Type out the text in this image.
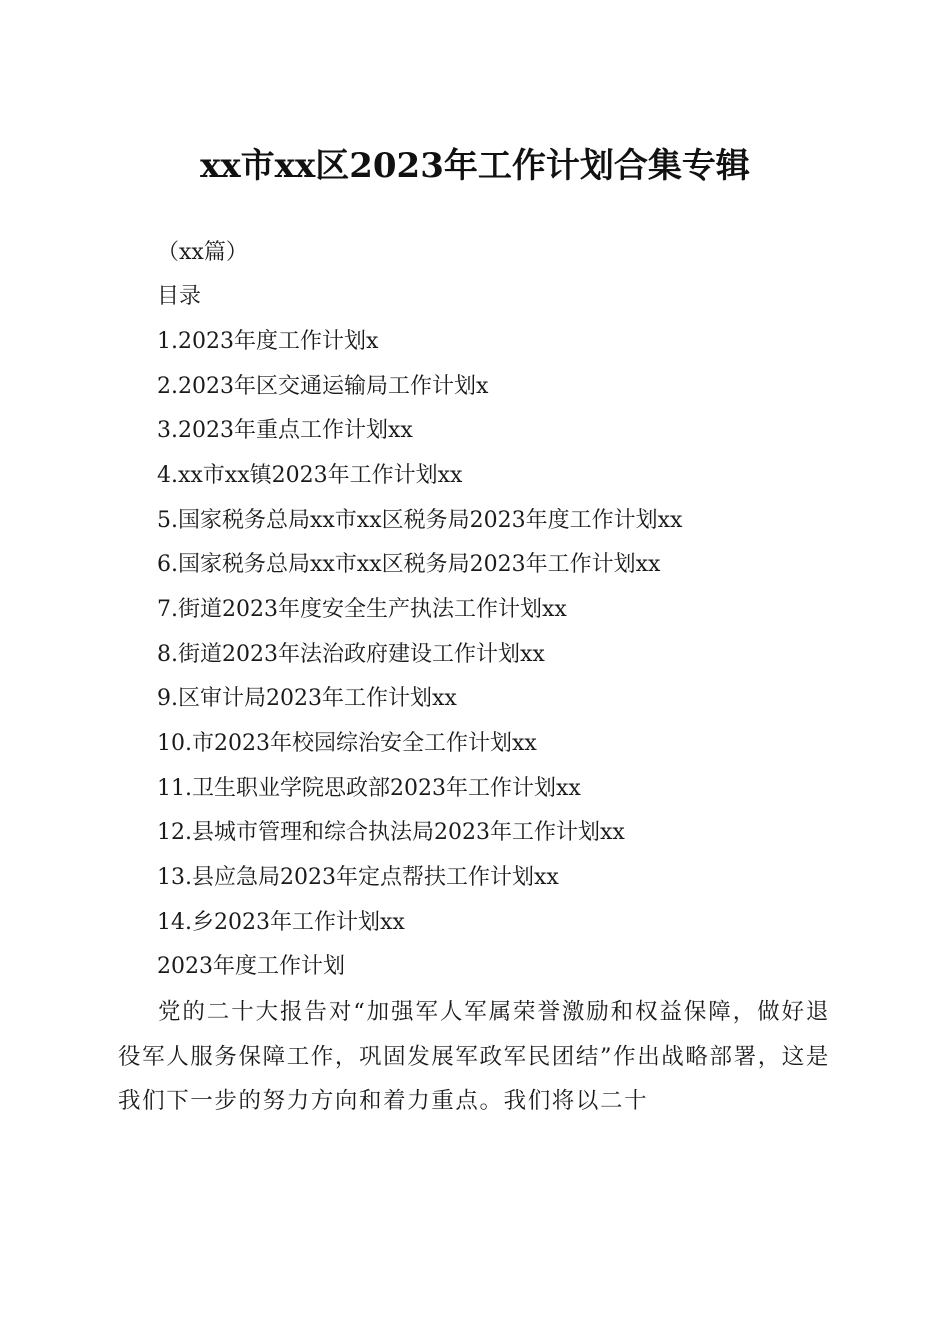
xx市xx区2023年工作计划合集专辑
（xx篇）
目录
1.2023年度工作计划x
2.2023年区交通运输局工作计划x
3.2023年重点工作计划xx
4.xx市xx镇2023年工作计划xx
5.国家税务总局xx市xx区税务局2023年度工作计划xx
6.国家税务总局xx市xx区税务局2023年工作计划xx
7.街道2023年度安全生产执法工作计划xx
8.街道2023年法治政府建设工作计划xx
9.区审计局2023年工作计划xx
10.市2023年校园综治安全工作计划xx
11.卫生职业学院思政部2023年工作计划xx
12.县城市管理和综合执法局2023年工作计划xx
13.县应急局2023年定点帮扶工作计划xx
14.乡2023年工作计划xx
2023年度工作计划
党的二十大报告对“加强军人军属荣誉激励和权益保障，做好退役军人服务保障工作，巩固发展军政军民团结”作出战略部署，这是我们下一步的努力方向和着力重点。我们将以二十
